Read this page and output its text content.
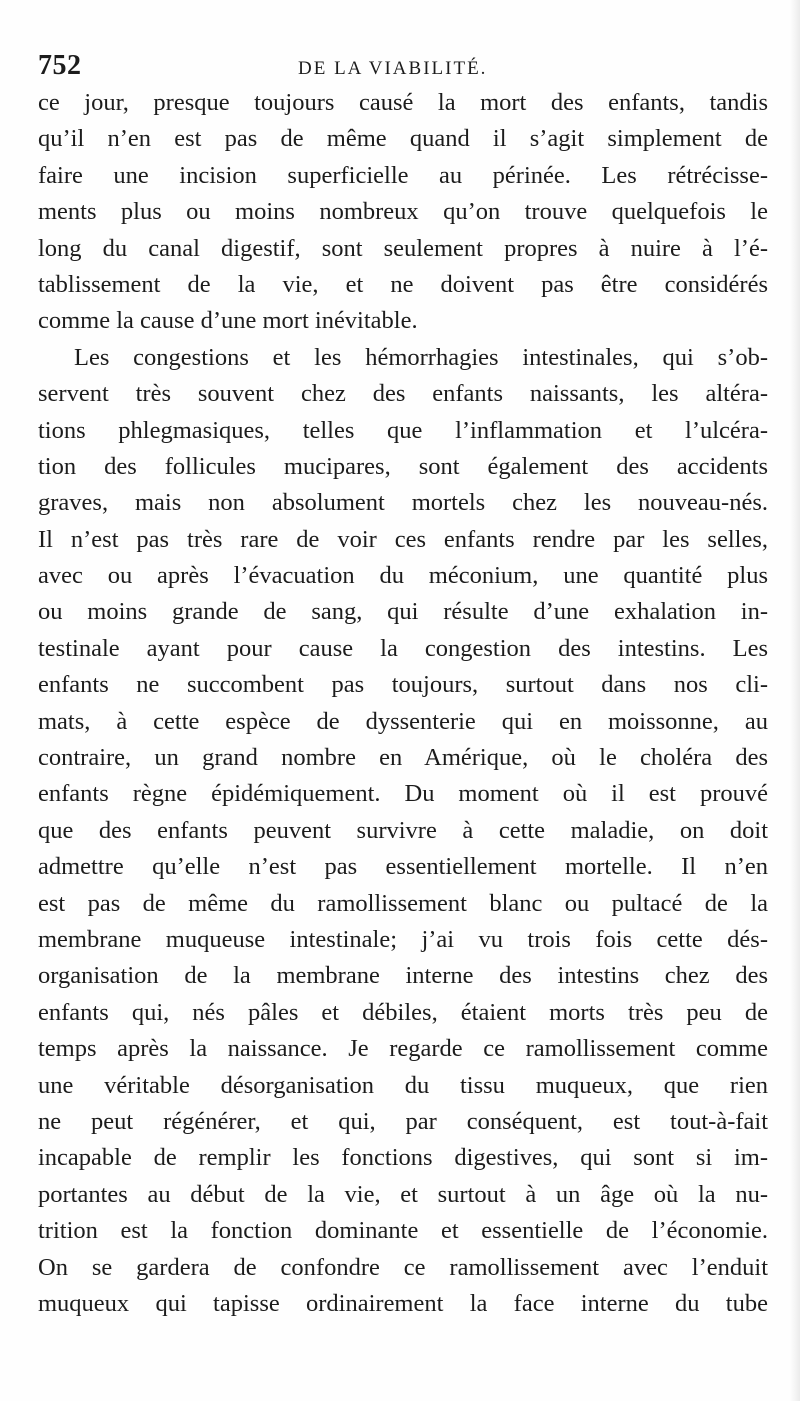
752	DE LA VIABILITÉ.
ce jour, presque toujours causé la mort des enfants, tandis
qu’il n’en est pas de même quand il s’agit simplement de
faire une incision superficielle au périnée. Les rétrécisse-
ments plus ou moins nombreux qu’on trouve quelquefois le
long du canal digestif, sont seulement propres à nuire à l’é-
tablissement de la vie, et ne doivent pas être considérés
comme la cause d’une mort inévitable.
Les congestions et les hémorrhagies intestinales, qui s’ob-
servent très souvent chez des enfants naissants, les altéra-
tions phlegmasiques, telles que l’inflammation et l’ulcéra-
tion des follicules mucipares, sont également des accidents
graves, mais non absolument mortels chez les nouveau-nés.
Il n’est pas très rare de voir ces enfants rendre par les selles,
avec ou après l’évacuation du méconium, une quantité plus
ou moins grande de sang, qui résulte d’une exhalation in-
testinale ayant pour cause la congestion des intestins. Les
enfants ne succombent pas toujours, surtout dans nos cli-
mats, à cette espèce de dyssenterie qui en moissonne, au
contraire, un grand nombre en Amérique, où le choléra des
enfants règne épidémiquement. Du moment où il est prouvé
que des enfants peuvent survivre à cette maladie, on doit
admettre qu’elle n’est pas essentiellement mortelle. Il n’en
est pas de même du ramollissement blanc ou pultacé de la
membrane muqueuse intestinale; j’ai vu trois fois cette dés-
organisation de la membrane interne des intestins chez des
enfants qui, nés pâles et débiles, étaient morts très peu de
temps après la naissance. Je regarde ce ramollissement comme
une véritable désorganisation du tissu muqueux, que rien
ne peut régénérer, et qui, par conséquent, est tout-à-fait
incapable de remplir les fonctions digestives, qui sont si im-
portantes au début de la vie, et surtout à un âge où la nu-
trition est la fonction dominante et essentielle de l’économie.
On se gardera de confondre ce ramollissement avec l’enduit
muqueux qui tapisse ordinairement la face interne du tube
